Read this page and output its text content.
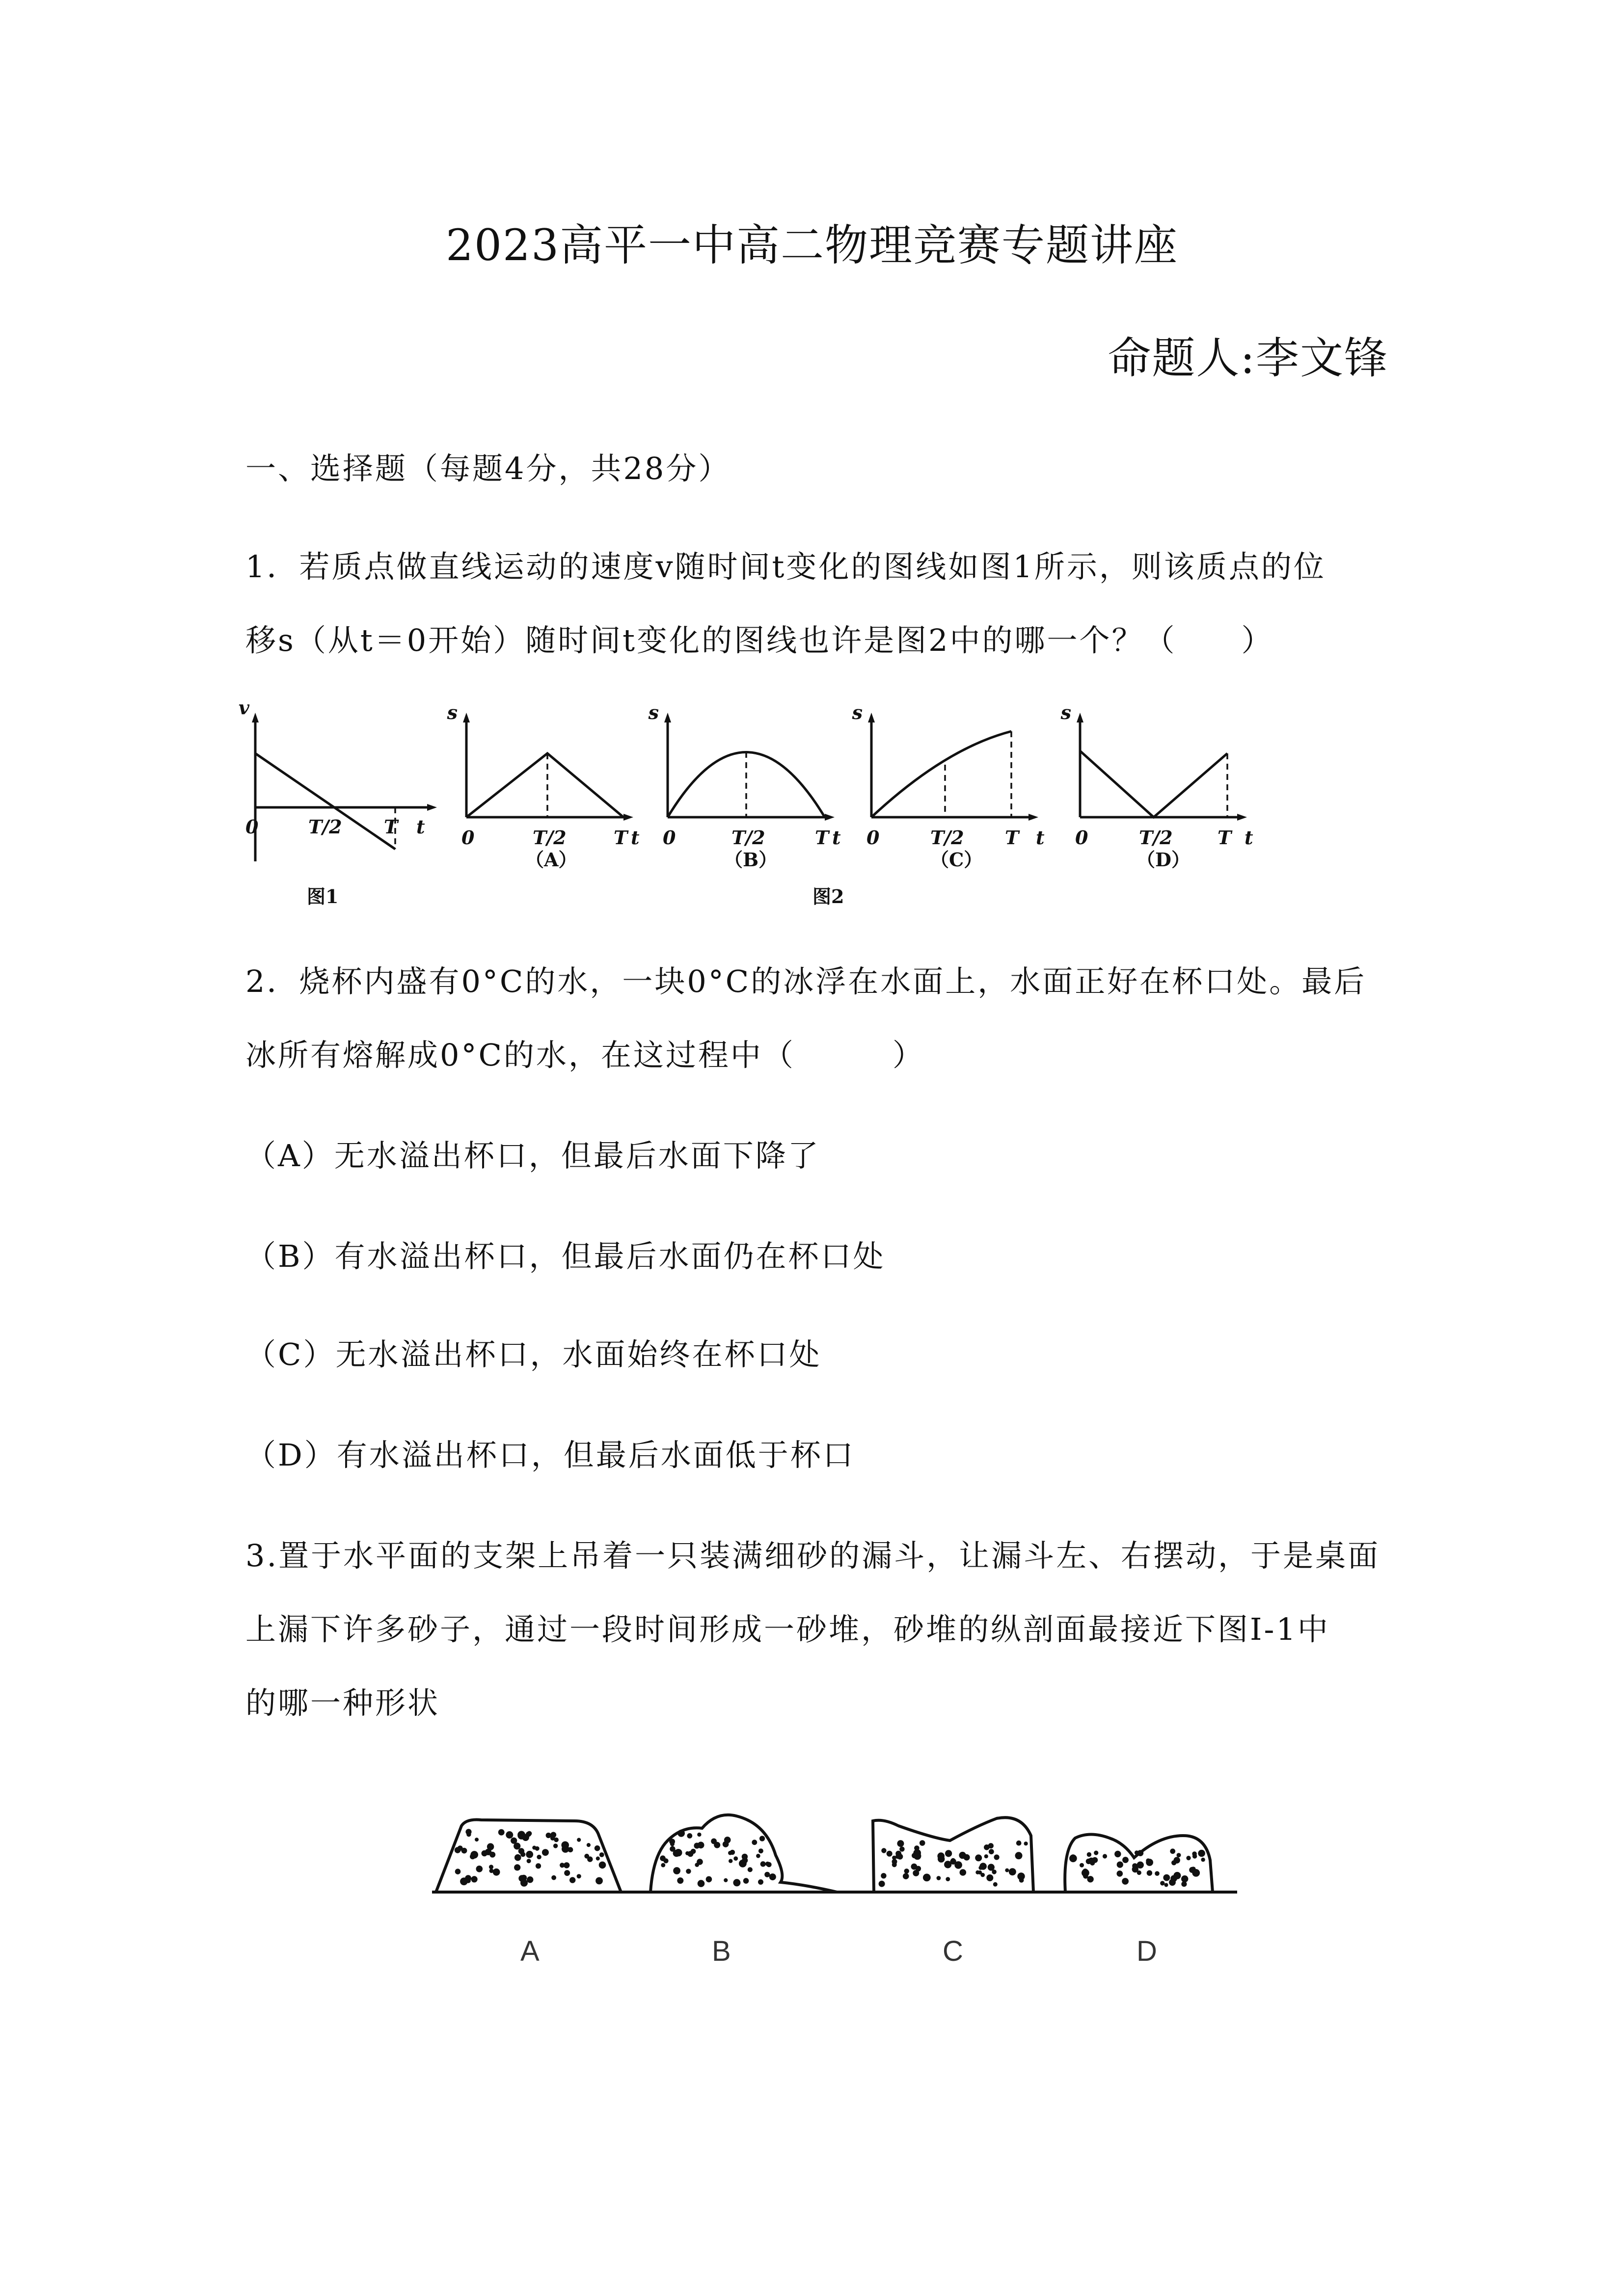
2023高平一中高二物理竞赛专题讲座
命题人:李文锋
一、选择题（每题4分，共28分）
1．若质点做直线运动的速度v随时间t变化的图线如图1所示，则该质点的位
移s（从t＝0开始）随时间t变化的图线也许是图2中的哪一个？（　　）
v
0	T/2 T t
图1
s
0	T/2	T t
（A）
s
0	T/2	T t
（B）
s
0	T/2 T t
（C）
s
0	T/2 T t
（D）
图2
2．烧杯内盛有0°C的水，一块0°C的冰浮在水面上，水面正好在杯口处。最后
冰所有熔解成0°C的水，在这过程中（　　　）
（A）无水溢出杯口，但最后水面下降了
（B）有水溢出杯口，但最后水面仍在杯口处
（C）无水溢出杯口，水面始终在杯口处
（D）有水溢出杯口，但最后水面低于杯口
3.置于水平面的支架上吊着一只装满细砂的漏斗，让漏斗左、右摆动，于是桌面
上漏下许多砂子，通过一段时间形成一砂堆，砂堆的纵剖面最接近下图Ⅰ-1中
的哪一种形状
A	B	C	D
